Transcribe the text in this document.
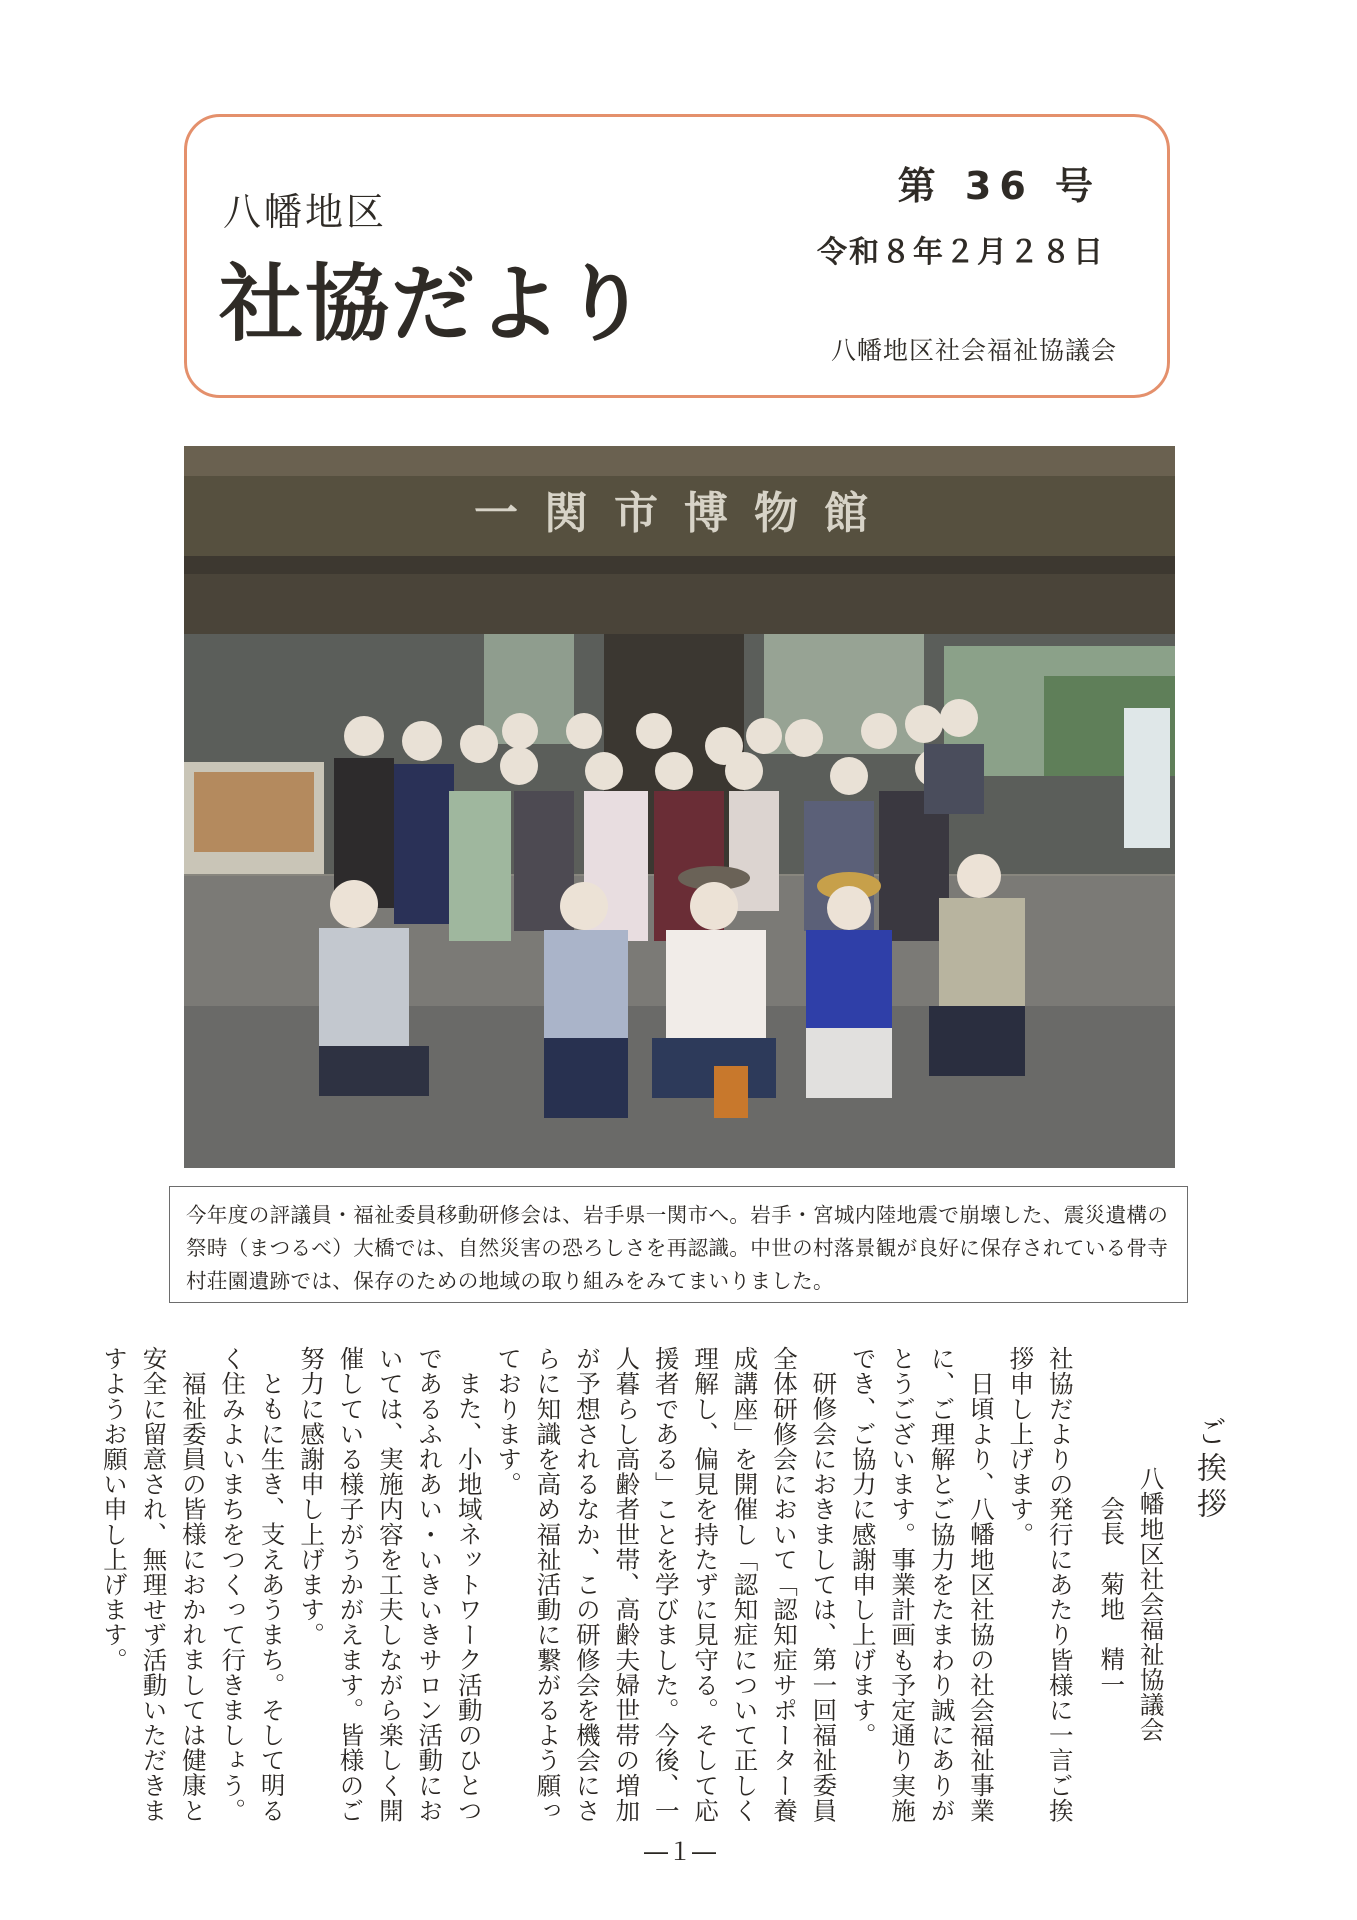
八幡地区
社協だより
第 36 号
令和８年２月２８日
八幡地区社会福祉協議会
一関市博物館
今年度の評議員・福祉委員移動研修会は、岩手県一関市へ。岩手・宮城内陸地震で崩壊した、震災遺構の祭時（まつるべ）大橋では、自然災害の恐ろしさを再認識。中世の村落景観が良好に保存されている骨寺村荘園遺跡では、保存のための地域の取り組みをみてまいりました。

ご挨拶

八幡地区社会福祉協議会

会長　菊地　精一

社協だよりの発行にあたり皆様に一言ご挨拶申し上げます。

日頃より、八幡地区社協の社会福祉事業に、ご理解とご協力をたまわり誠にありがとうございます。事業計画も予定通り実施でき、ご協力に感謝申し上げます。

研修会におきましては、第一回福祉委員全体研修会において「認知症サポーター養成講座」を開催し「認知症について正しく理解し、偏見を持たずに見守る。そして応援者である」ことを学びました。今後、一人暮らし高齢者世帯、高齢夫婦世帯の増加が予想されるなか、この研修会を機会にさらに知識を高め福祉活動に繋がるよう願っております。

また、小地域ネットワーク活動のひとつであるふれあい・いきいきサロン活動においては、実施内容を工夫しながら楽しく開催している様子がうかがえます。皆様のご努力に感謝申し上げます。

ともに生き、支えあうまち。そして明るく住みよいまちをつくって行きましょう。

福祉委員の皆様におかれましては健康と安全に留意され、無理せず活動いただきますようお願い申し上げます。

―１―
